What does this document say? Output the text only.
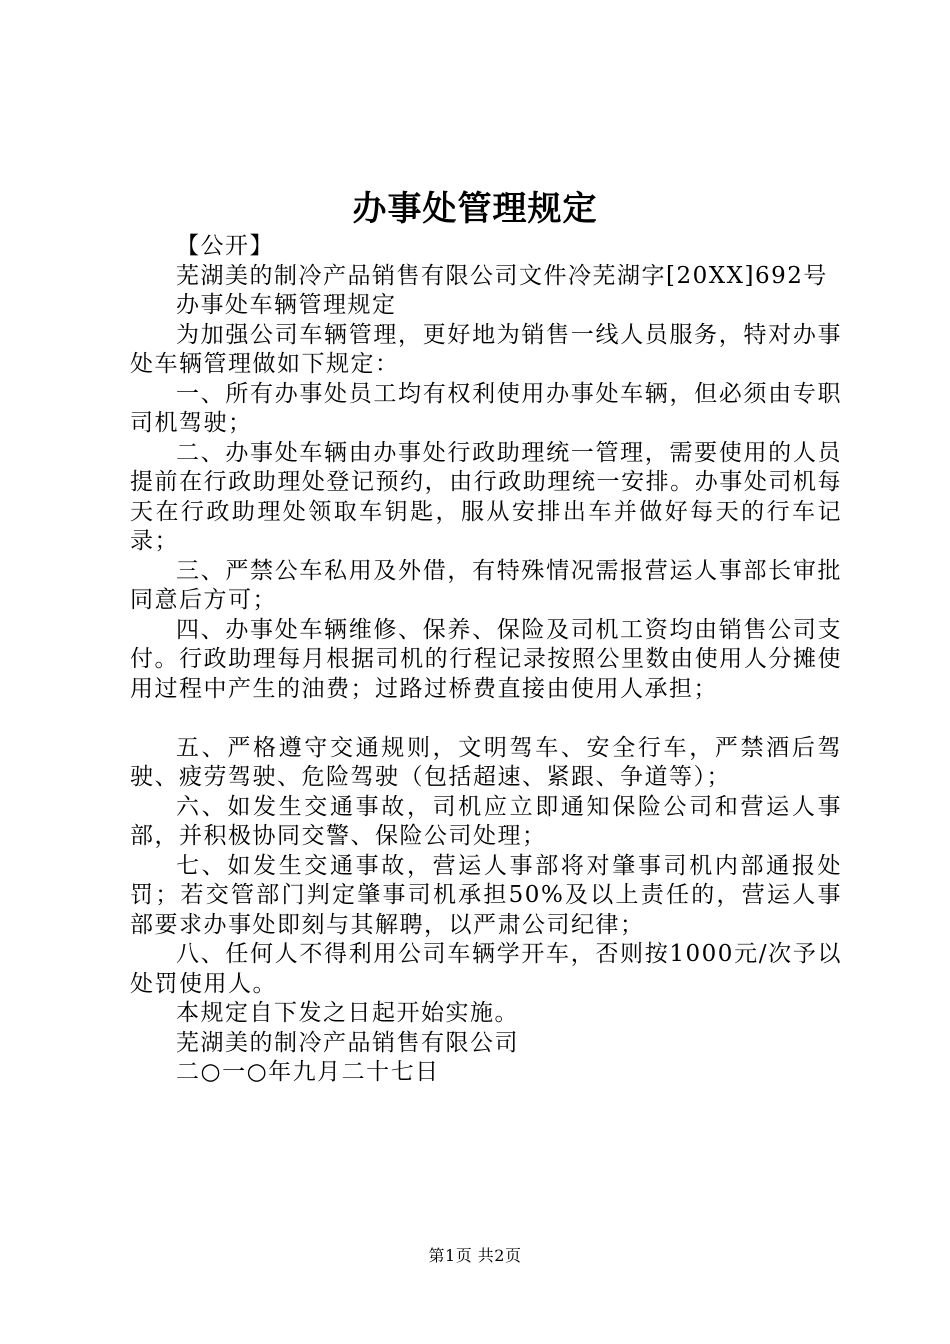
办事处管理规定

【公开】

芜湖美的制冷产品销售有限公司文件冷芜湖字[20XX]692号

办事处车辆管理规定

为加强公司车辆管理，更好地为销售一线人员服务，特对办事处车辆管理做如下规定：

一、所有办事处员工均有权利使用办事处车辆，但必须由专职司机驾驶；

二、办事处车辆由办事处行政助理统一管理，需要使用的人员提前在行政助理处登记预约，由行政助理统一安排。办事处司机每天在行政助理处领取车钥匙，服从安排出车并做好每天的行车记录；

三、严禁公车私用及外借，有特殊情况需报营运人事部长审批同意后方可；

四、办事处车辆维修、保养、保险及司机工资均由销售公司支付。行政助理每月根据司机的行程记录按照公里数由使用人分摊使用过程中产生的油费；过路过桥费直接由使用人承担；

五、严格遵守交通规则，文明驾车、安全行车，严禁酒后驾驶、疲劳驾驶、危险驾驶（包括超速、紧跟、争道等）；

六、如发生交通事故，司机应立即通知保险公司和营运人事部，并积极协同交警、保险公司处理；

七、如发生交通事故，营运人事部将对肇事司机内部通报处罚；若交管部门判定肇事司机承担50%及以上责任的，营运人事部要求办事处即刻与其解聘，以严肃公司纪律；

八、任何人不得利用公司车辆学开车，否则按1000元/次予以处罚使用人。

本规定自下发之日起开始实施。

芜湖美的制冷产品销售有限公司

二○一○年九月二十七日

第1页 共2页
